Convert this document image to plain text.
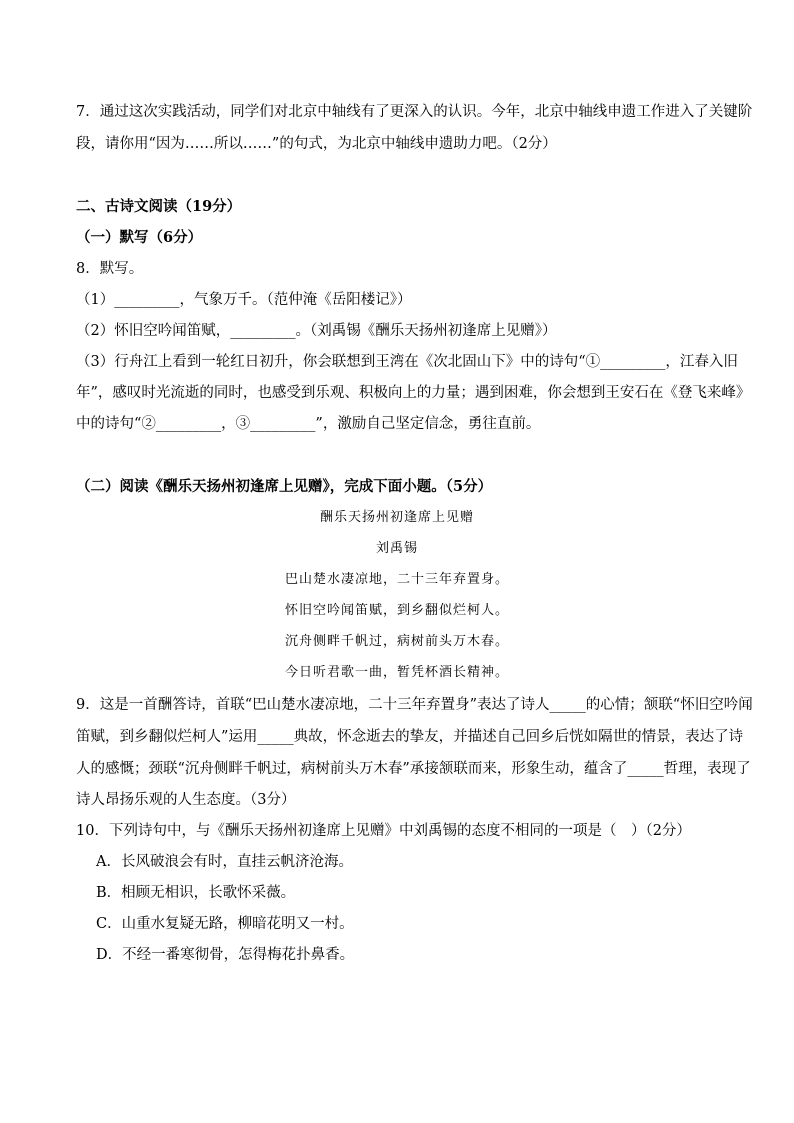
7．通过这次实践活动，同学们对北京中轴线有了更深入的认识。今年，北京中轴线申遗工作进入了关键阶
段，请你用“因为……所以……”的句式，为北京中轴线申遗助力吧。（2分）
二、古诗文阅读（19分）
（一）默写（6分）
8．默写。
（1）_________，气象万千。（范仲淹《岳阳楼记》）
（2）怀旧空吟闻笛赋，_________。（刘禹锡《酬乐天扬州初逢席上见赠》）
（3）行舟江上看到一轮红日初升，你会联想到王湾在《次北固山下》中的诗句“①_________，江春入旧
年”，感叹时光流逝的同时，也感受到乐观、积极向上的力量；遇到困难，你会想到王安石在《登飞来峰》
中的诗句“②_________，③_________”，激励自己坚定信念，勇往直前。
（二）阅读《酬乐天扬州初逢席上见赠》，完成下面小题。（5分）
酬乐天扬州初逢席上见赠
刘禹锡
巴山楚水凄凉地，二十三年弃置身。
怀旧空吟闻笛赋，到乡翻似烂柯人。
沉舟侧畔千帆过，病树前头万木春。
今日听君歌一曲，暂凭杯酒长精神。
9．这是一首酬答诗，首联“巴山楚水凄凉地，二十三年弃置身”表达了诗人_____的心情；颔联“怀旧空吟闻
笛赋，到乡翻似烂柯人”运用_____典故，怀念逝去的挚友，并描述自己回乡后恍如隔世的情景，表达了诗
人的感慨；颈联“沉舟侧畔千帆过，病树前头万木春”承接颔联而来，形象生动，蕴含了_____哲理，表现了
诗人昂扬乐观的人生态度。（3分）
10．下列诗句中，与《酬乐天扬州初逢席上见赠》中刘禹锡的态度不相同的一项是（　）（2分）
A．长风破浪会有时，直挂云帆济沧海。
B．相顾无相识，长歌怀采薇。
C．山重水复疑无路，柳暗花明又一村。
D．不经一番寒彻骨，怎得梅花扑鼻香。
